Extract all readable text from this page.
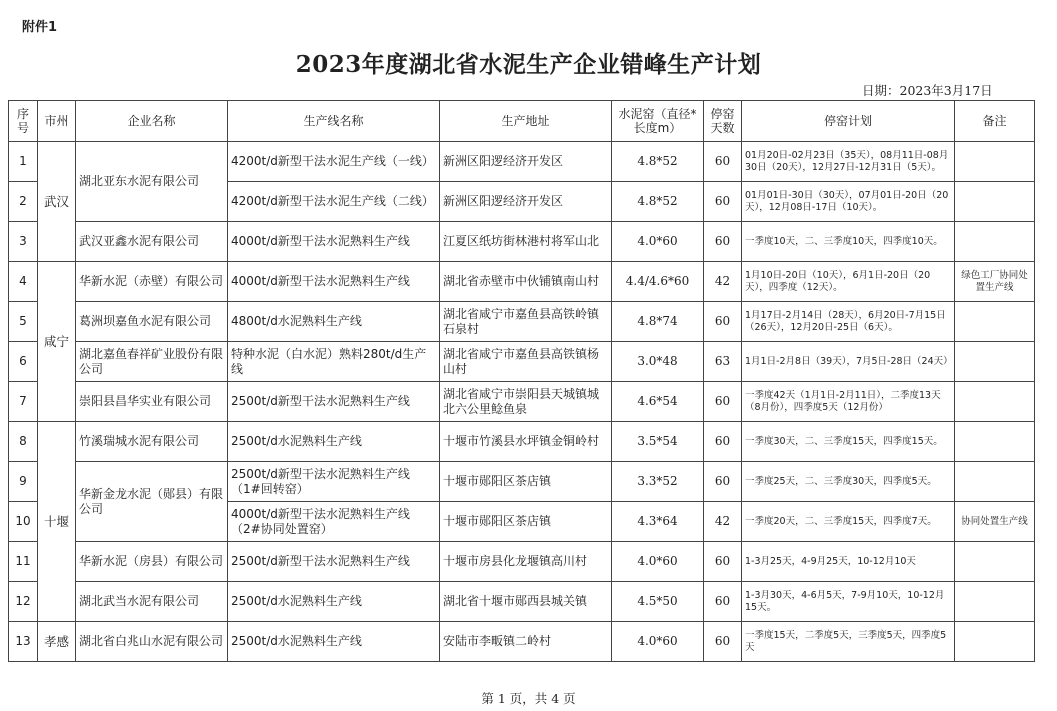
附件1
2023年度湖北省水泥生产企业错峰生产计划
日期：2023年3月17日
序号	市州	企业名称	生产线名称	生产地址	水泥窑（直径*长度m）	停窑天数	停窑计划	备注
1	武汉	湖北亚东水泥有限公司	4200t/d新型干法水泥生产线（一线）	新洲区阳逻经济开发区	4.8*52	60	01月20日-02月23日（35天），08月11日-08月30日（20天），12月27日-12月31日（5天）。	
2			4200t/d新型干法水泥生产线（二线）	新洲区阳逻经济开发区	4.8*52	60	01月01日-30日（30天），07月01日-20日（20天），12月08日-17日（10天）。	
3		武汉亚鑫水泥有限公司	4000t/d新型干法水泥熟料生产线	江夏区纸坊街林港村将军山北	4.0*60	60	一季度10天，二、三季度10天，四季度10天。	
4	咸宁	华新水泥（赤壁）有限公司	4000t/d新型干法水泥熟料生产线	湖北省赤壁市中伙铺镇南山村	4.4/4.6*60	42	1月10日-20日（10天），6月1日-20日（20天），四季度（12天）。	绿色工厂协同处置生产线
5		葛洲坝嘉鱼水泥有限公司	4800t/d水泥熟料生产线	湖北省咸宁市嘉鱼县高铁岭镇石泉村	4.8*74	60	1月17日-2月14日（28天），6月20日-7月15日（26天），12月20日-25日（6天）。	
6		湖北嘉鱼春祥矿业股份有限公司	特种水泥（白水泥）熟料280t/d生产线	湖北省咸宁市嘉鱼县高铁镇杨山村	3.0*48	63	1月1日-2月8日（39天），7月5日-28日（24天）	
7		崇阳县昌华实业有限公司	2500t/d新型干法水泥熟料生产线	湖北省咸宁市崇阳县天城镇城北六公里鲶鱼泉	4.6*54	60	一季度42天（1月1日-2月11日），二季度13天（8月份），四季度5天（12月份）	
8	十堰	竹溪瑞城水泥有限公司	2500t/d水泥熟料生产线	十堰市竹溪县水坪镇金铜岭村	3.5*54	60	一季度30天，二、三季度15天，四季度15天。	
9		华新金龙水泥（郧县）有限公司	2500t/d新型干法水泥熟料生产线（1#回转窑）	十堰市郧阳区茶店镇	3.3*52	60	一季度25天，二、三季度30天，四季度5天。	
10			4000t/d新型干法水泥熟料生产线（2#协同处置窑）	十堰市郧阳区茶店镇	4.3*64	42	一季度20天，二、三季度15天，四季度7天。	协同处置生产线
11		华新水泥（房县）有限公司	2500t/d新型干法水泥熟料生产线	十堰市房县化龙堰镇高川村	4.0*60	60	1-3月25天，4-9月25天，10-12月10天	
12		湖北武当水泥有限公司	2500t/d水泥熟料生产线	湖北省十堰市郧西县城关镇	4.5*50	60	1-3月30天，4-6月5天，7-9月10天，10-12月15天。	
13	孝感	湖北省白兆山水泥有限公司	2500t/d水泥熟料生产线	安陆市李畈镇二岭村	4.0*60	60	一季度15天，二季度5天，三季度5天，四季度5天	
第 1 页，共 4 页
